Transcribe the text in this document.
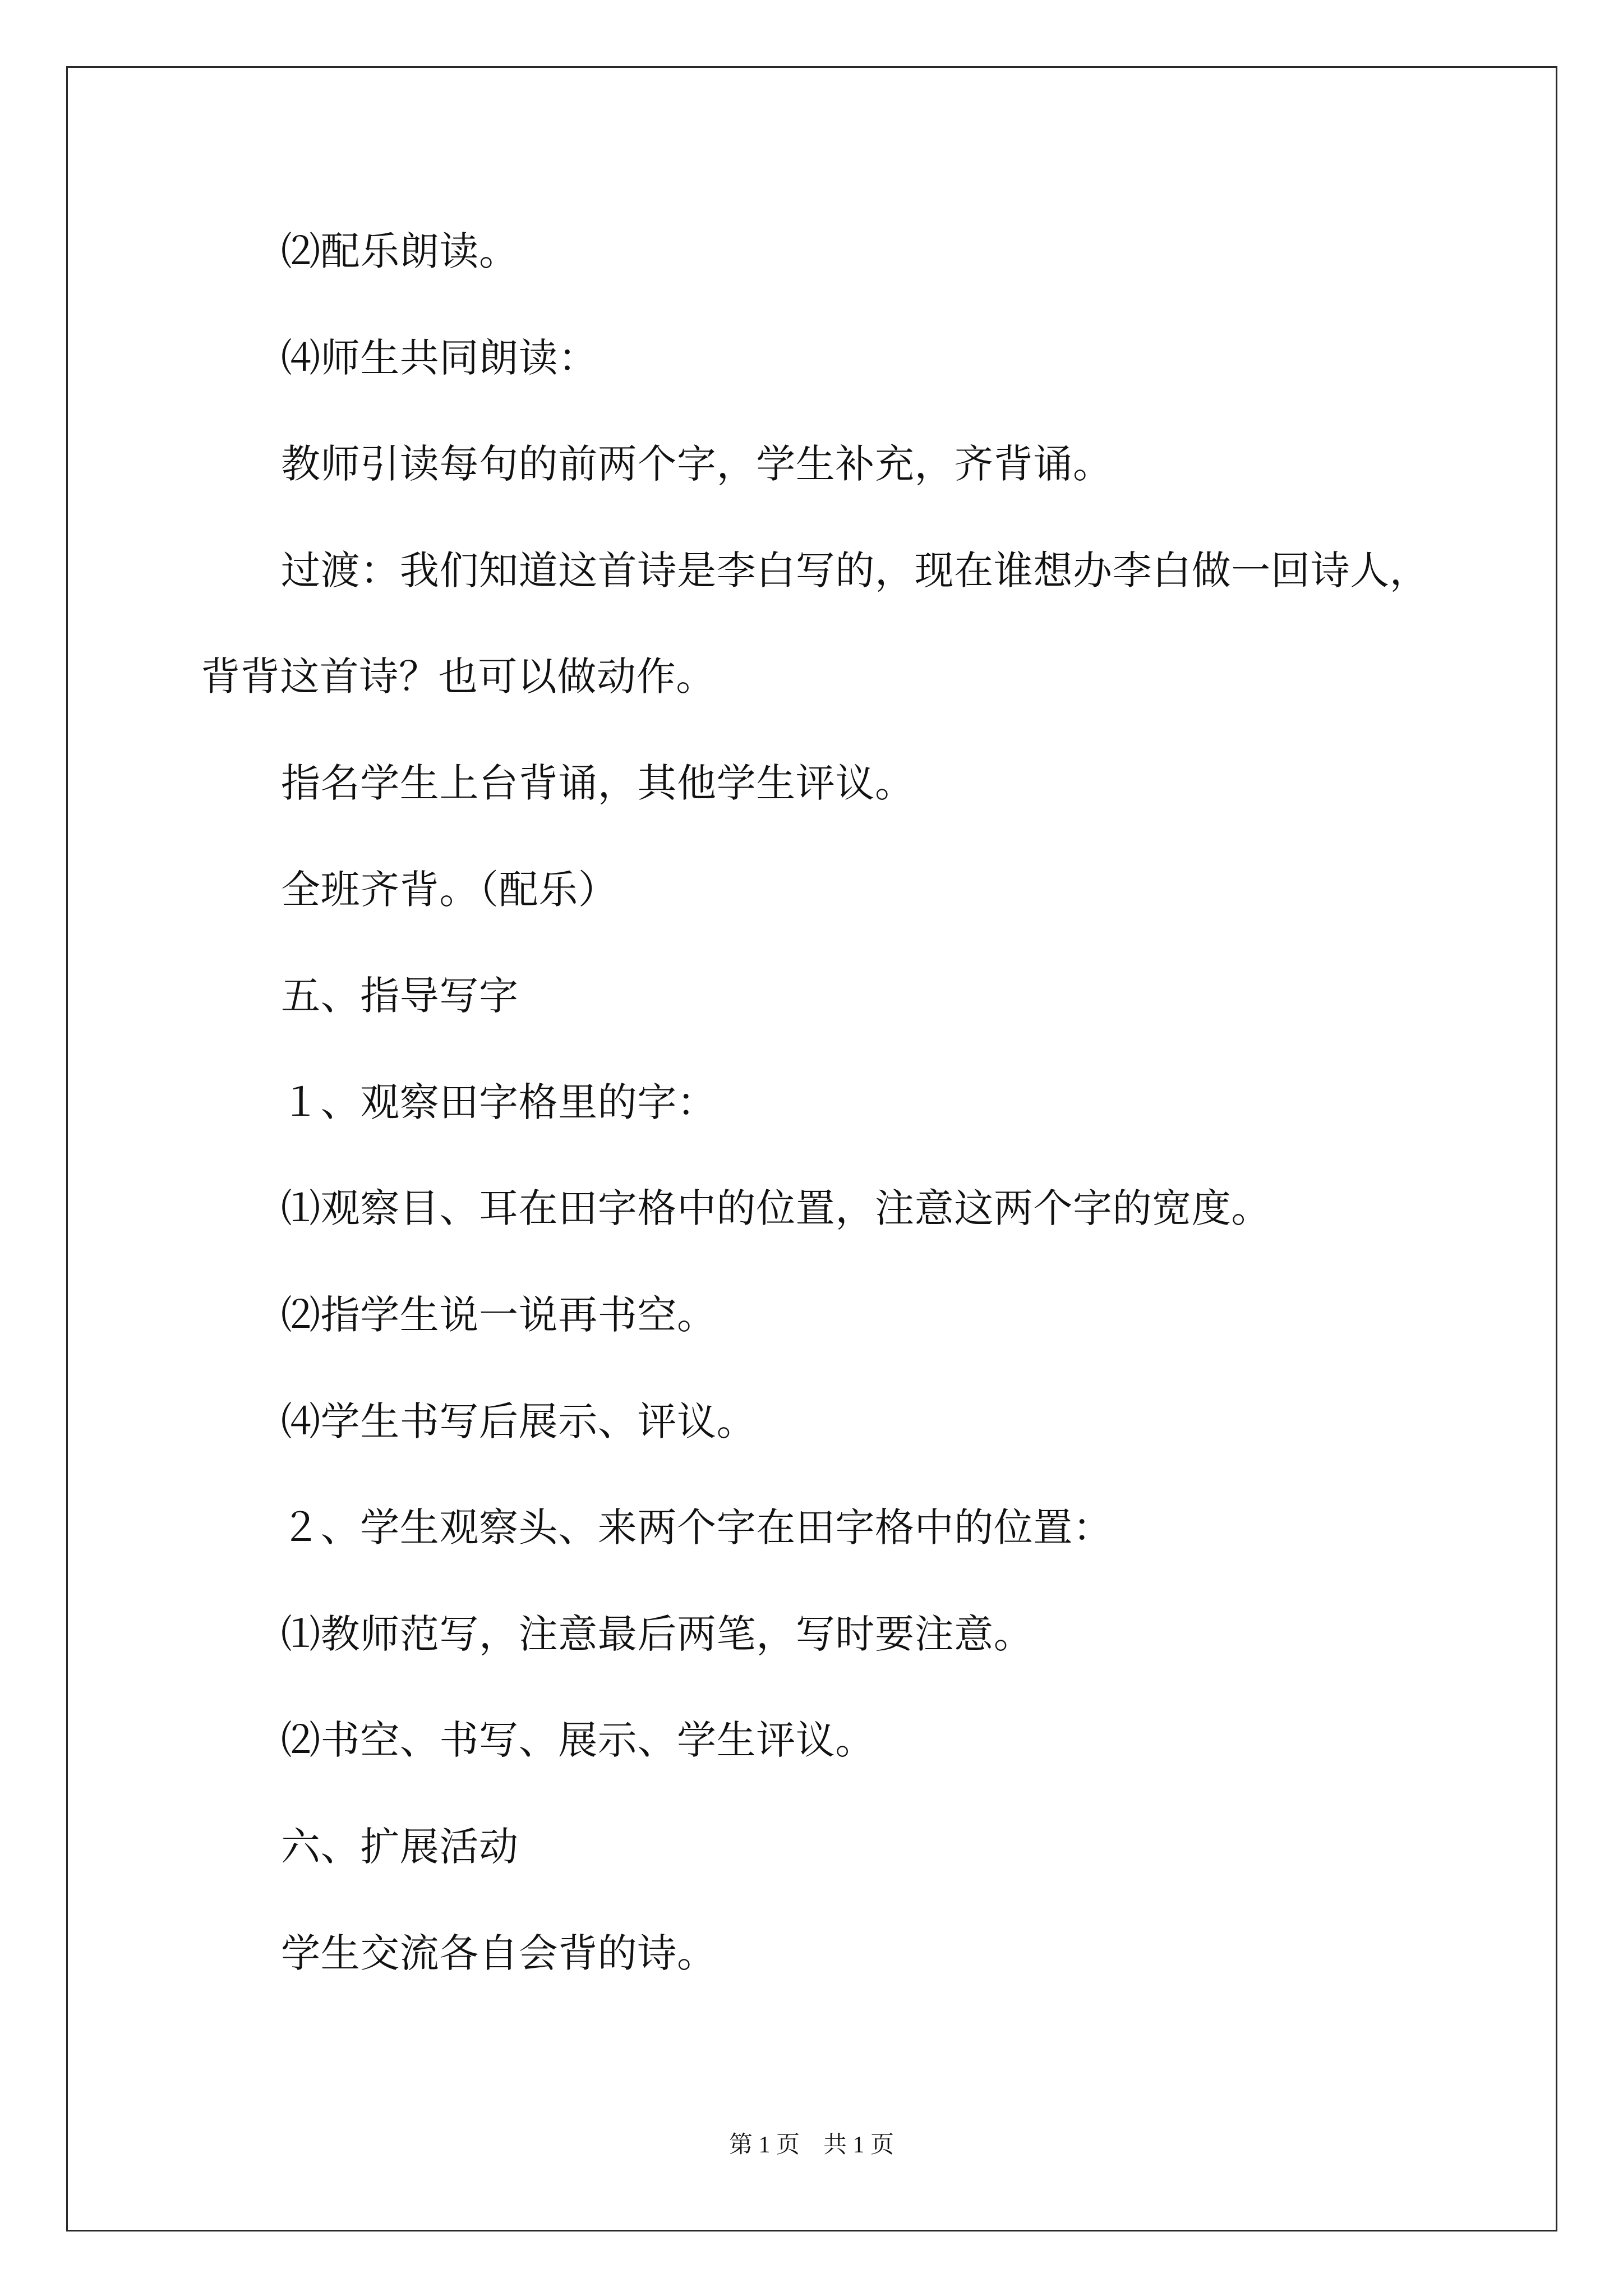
⑵配乐朗读。
⑷师生共同朗读：
教师引读每句的前两个字，学生补充，齐背诵。
过渡：我们知道这首诗是李白写的，现在谁想办李白做一回诗人，
背背这首诗？也可以做动作。
指名学生上台背诵，其他学生评议。
全班齐背。（配乐）
五、指导写字
１、观察田字格里的字：
⑴观察目、耳在田字格中的位置，注意这两个字的宽度。
⑵指学生说一说再书空。
⑷学生书写后展示、评议。
２、学生观察头、来两个字在田字格中的位置：
⑴教师范写，注意最后两笔，写时要注意。
⑵书空、书写、展示、学生评议。
六、扩展活动
学生交流各自会背的诗。
第 1 页　共 1 页
